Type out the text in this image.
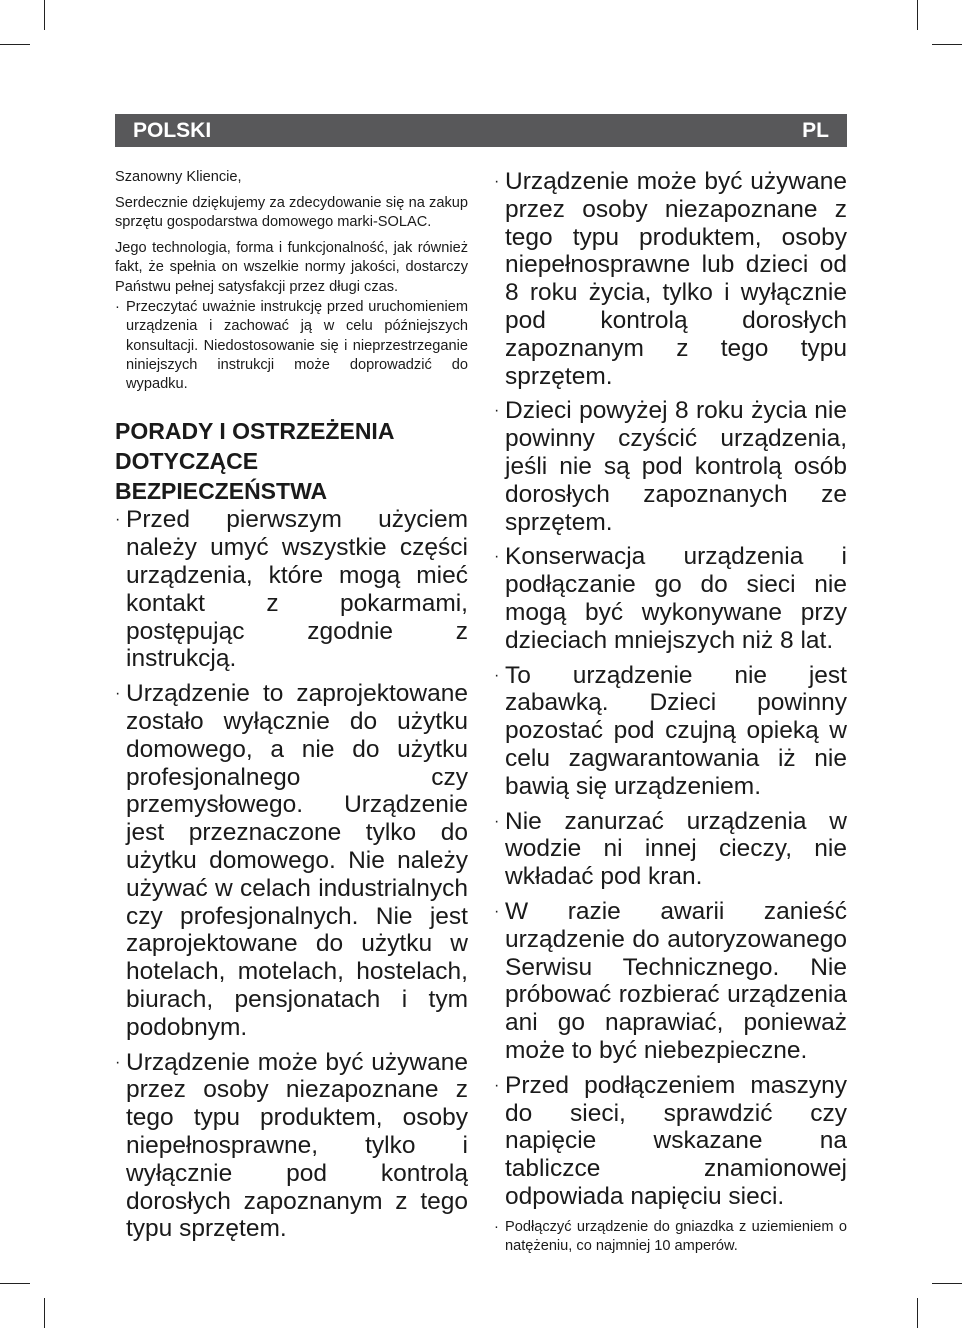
POLSKI	PL

Szanowny Kliencie,

Serdecznie dziękujemy za zdecydowanie się na zakup sprzętu gospodarstwa domowego marki-SOLAC.

Jego technologia, forma i funkcjonalność, jak również fakt, że spełnia on wszelkie normy jakości, dostarczy Państwu pełnej satysfakcji przez długi czas.

· Przeczytać uważnie instrukcję przed uruchomieniem urządzenia i zachować ją w celu późniejszych konsultacji. Niedostosowanie się i nieprzestrzeganie niniejszych instrukcji może doprowadzić do wypadku.
PORADY I OSTRZEŻENIA DOTYCZĄCE BEZPIECZEŃSTWA
· Przed pierwszym użyciem należy umyć wszystkie części urządzenia, które mogą mieć kontakt z pokarmami, postępując zgodnie z instrukcją.
· Urządzenie to zaprojektowane zostało wyłącznie do użytku domowego, a nie do użytku profesjonalnego czy przemysłowego. Urządzenie jest przeznaczone tylko do użytku domowego. Nie należy używać w celach industrialnych czy profesjonalnych. Nie jest zaprojektowane do użytku w hotelach, motelach, hostelach, biurach, pensjonatach i tym podobnym.
· Urządzenie może być używane przez osoby niezapoznane z tego typu produktem, osoby niepełnosprawne, tylko i wyłącznie pod kontrolą dorosłych zapoznanym z tego typu sprzętem.
· Urządzenie może być używane przez osoby niezapoznane z tego typu produktem, osoby niepełnosprawne lub dzieci od 8 roku życia, tylko i wyłącznie pod kontrolą dorosłych zapoznanym z tego typu sprzętem.
· Dzieci powyżej 8 roku życia nie powinny czyścić urządzenia, jeśli nie są pod kontrolą osób dorosłych zapoznanych ze sprzętem.
· Konserwacja urządzenia i podłączanie go do sieci nie mogą być wykonywane przy dzieciach mniejszych niż 8 lat.
· To urządzenie nie jest zabawką. Dzieci powinny pozostać pod czujną opieką w celu zagwarantowania iż nie bawią się urządzeniem.
· Nie zanurzać urządzenia w wodzie ni innej cieczy, nie wkładać pod kran.
· W razie awarii zanieść urządzenie do autoryzowanego Serwisu Technicznego. Nie próbować rozbierać urządzenia ani go naprawiać, ponieważ może to być niebezpieczne.
· Przed podłączeniem maszyny do sieci, sprawdzić czy napięcie wskazane na tabliczce znamionowej odpowiada napięciu sieci.
· Podłączyć urządzenie do gniazdka z uziemieniem o natężeniu, co najmniej 10 amperów.
